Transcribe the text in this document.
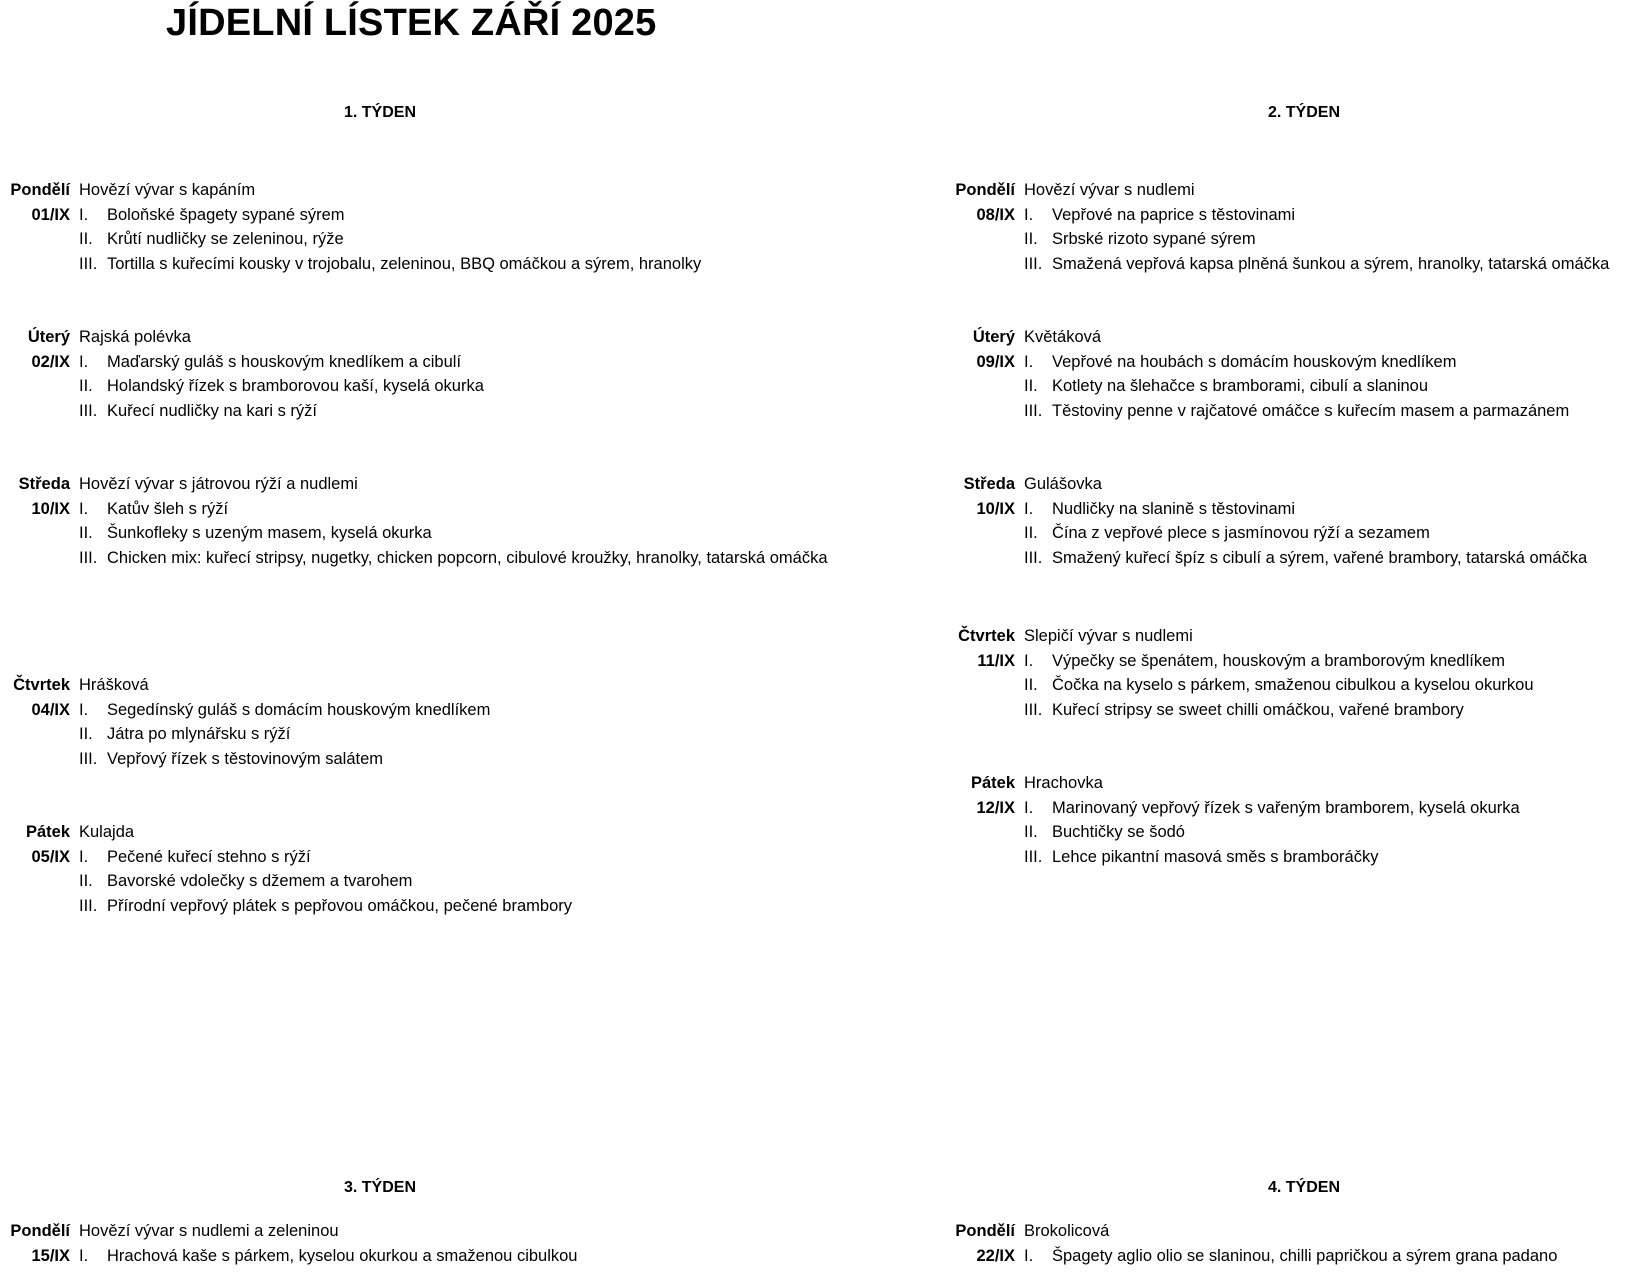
JÍDELNÍ LÍSTEK ZÁŘÍ 2025
1. TÝDEN	2. TÝDEN
3. TÝDEN	4. TÝDEN
Pondělí Hovězí vývar s kapáním
01/IX I. Boloňské špagety sypané sýrem
II. Krůtí nudličky se zeleninou, rýže
III. Tortilla s kuřecími kousky v trojobalu, zeleninou, BBQ omáčkou a sýrem, hranolky
Úterý Rajská polévka
02/IX I. Maďarský guláš s houskovým knedlíkem a cibulí
II. Holandský řízek s bramborovou kaší, kyselá okurka
III. Kuřecí nudličky na kari s rýží
Středa Hovězí vývar s játrovou rýží a nudlemi
10/IX I. Katův šleh s rýží
II. Šunkofleky s uzeným masem, kyselá okurka
III. Chicken mix: kuřecí stripsy, nugetky, chicken popcorn, cibulové kroužky, hranolky, tatarská omáčka
Čtvrtek Hrášková
04/IX I. Segedínský guláš s domácím houskovým knedlíkem
II. Játra po mlynářsku s rýží
III. Vepřový řízek s těstovinovým salátem
Pátek Kulajda
05/IX I. Pečené kuřecí stehno s rýží
II. Bavorské vdolečky s džemem a tvarohem
III. Přírodní vepřový plátek s pepřovou omáčkou, pečené brambory
Pondělí Hovězí vývar s nudlemi
08/IX I. Vepřové na paprice s těstovinami
II. Srbské rizoto sypané sýrem
III. Smažená vepřová kapsa plněná šunkou a sýrem, hranolky, tatarská omáčka
Úterý Květáková
09/IX I. Vepřové na houbách s domácím houskovým knedlíkem
II. Kotlety na šlehačce s bramborami, cibulí a slaninou
III. Těstoviny penne v rajčatové omáčce s kuřecím masem a parmazánem
Středa Gulášovka
10/IX I. Nudličky na slanině s těstovinami
II. Čína z vepřové plece s jasmínovou rýží a sezamem
III. Smažený kuřecí špíz s cibulí a sýrem, vařené brambory, tatarská omáčka
Čtvrtek Slepičí vývar s nudlemi
11/IX I. Výpečky se špenátem, houskovým a bramborovým knedlíkem
II. Čočka na kyselo s párkem, smaženou cibulkou a kyselou okurkou
III. Kuřecí stripsy se sweet chilli omáčkou, vařené brambory
Pátek Hrachovka
12/IX I. Marinovaný vepřový řízek s vařeným bramborem, kyselá okurka
II. Buchtičky se šodó
III. Lehce pikantní masová směs s bramboráčky
Pondělí Hovězí vývar s nudlemi a zeleninou
15/IX I. Hrachová kaše s párkem, kyselou okurkou a smaženou cibulkou
Pondělí Brokolicová
22/IX I. Špagety aglio olio se slaninou, chilli papričkou a sýrem grana padano
